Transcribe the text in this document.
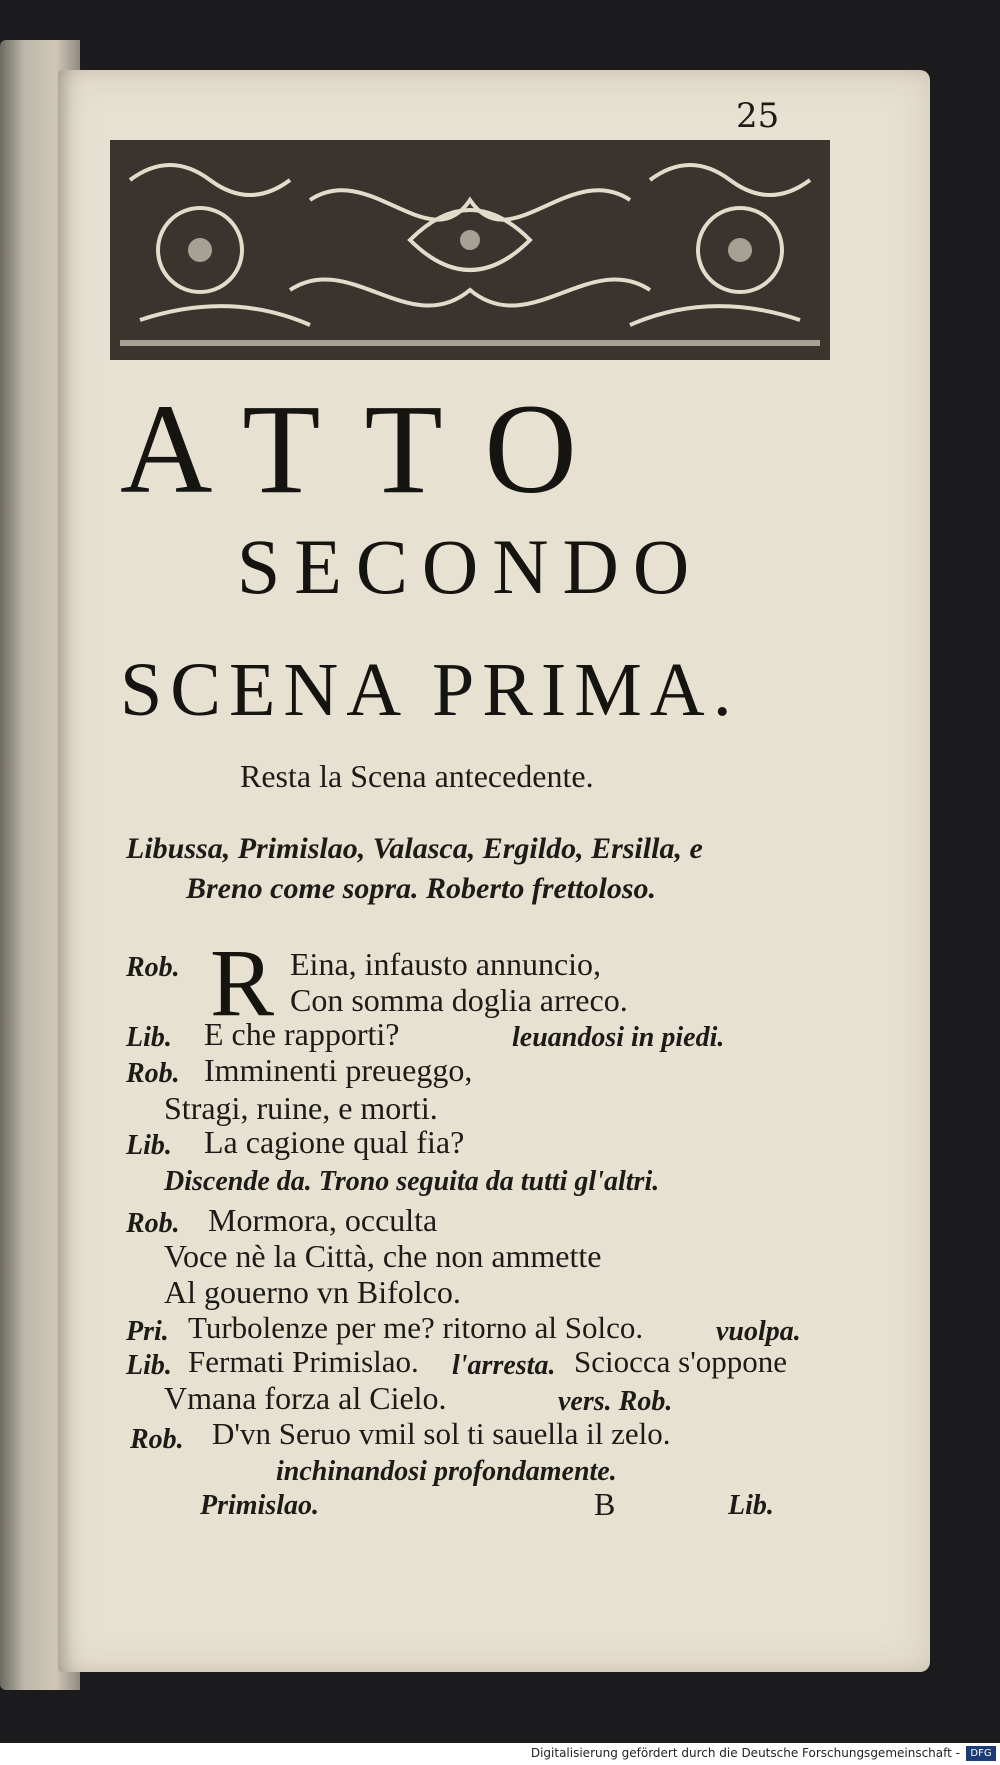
25
ATTO
SECONDO
SCENA PRIMA.
Resta la Scena antecedente.
Libussa, Primislao, Valasca, Ergildo, Ersilla, e
Breno come sopra. Roberto frettoloso.
R
Rob.	Eina, infausto annuncio,
Con somma doglia arreco.
Lib. E che rapporti?	leuandosi in piedi.
Rob. Imminenti preueggo,
Stragi, ruine, e morti.
Lib. La cagione qual fia?
Discende da. Trono seguita da tutti gl'altri.
Rob. Mormora, occulta
Voce nè la Città, che non ammette
Al gouerno vn Bifolco.
Pri. Turbolenze per me? ritorno al Solco.	vuolpa.
Lib. Fermati Primislao. l'arresta. Sciocca s'oppone
Vmana forza al Cielo.	vers. Rob.
Rob. D'vn Seruo vmil sol ti sauella il zelo.
inchinandosi profondamente.
Primislao.	B	Lib.
Digitalisierung gefördert durch die Deutsche Forschungsgemeinschaft -	DFG
